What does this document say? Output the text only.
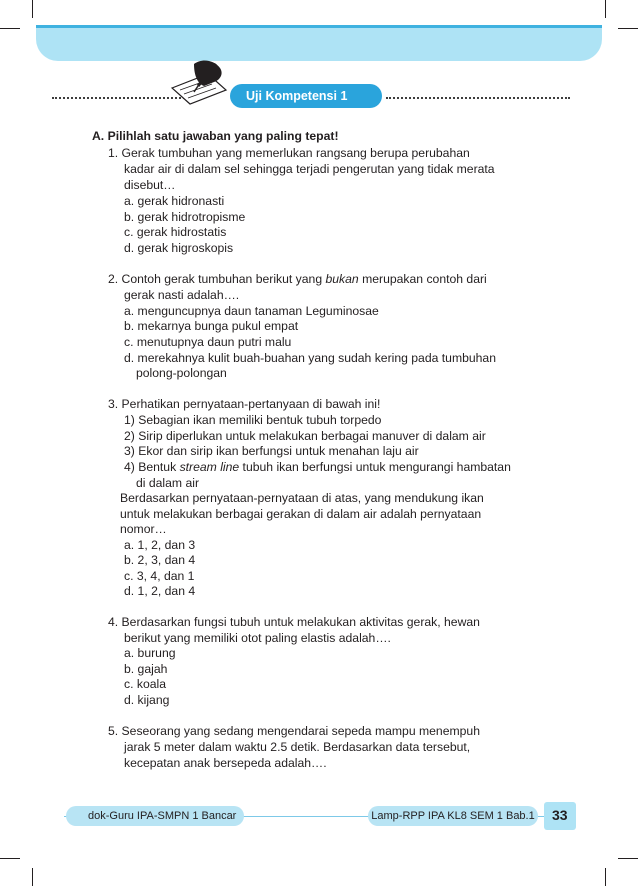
Uji Kompetensi 1
A. Pilihlah satu jawaban yang paling tepat!
1. Gerak tumbuhan yang memerlukan rangsang berupa perubahan
kadar air di dalam sel sehingga terjadi pengerutan yang tidak merata
disebut…
a. gerak hidronasti
b. gerak hidrotropisme
c. gerak hidrostatis
d. gerak higroskopis
2. Contoh gerak tumbuhan berikut yang bukan merupakan contoh dari
gerak nasti adalah….
a. menguncupnya daun tanaman Leguminosae
b. mekarnya bunga pukul empat
c. menutupnya daun putri malu
d. merekahnya kulit buah-buahan yang sudah kering pada tumbuhan
polong-polongan
3. Perhatikan pernyataan-pertanyaan di bawah ini!
1) Sebagian ikan memiliki bentuk tubuh torpedo
2) Sirip diperlukan untuk melakukan berbagai manuver di dalam air
3) Ekor dan sirip ikan berfungsi untuk menahan laju air
4) Bentuk stream line tubuh ikan berfungsi untuk mengurangi hambatan
di dalam air
Berdasarkan pernyataan-pernyataan di atas, yang mendukung ikan
untuk melakukan berbagai gerakan di dalam air adalah pernyataan
nomor…
a. 1, 2, dan 3
b. 2, 3, dan 4
c. 3, 4, dan 1
d. 1, 2, dan 4
4. Berdasarkan fungsi tubuh untuk melakukan aktivitas gerak, hewan
berikut yang memiliki otot paling elastis adalah….
a. burung
b. gajah
c. koala
d. kijang
5. Seseorang yang sedang mengendarai sepeda mampu menempuh
jarak 5 meter dalam waktu 2.5 detik. Berdasarkan data tersebut,
kecepatan anak bersepeda adalah….
dok-Guru IPA-SMPN 1 Bancar	Lamp-RPP IPA KL8 SEM 1 Bab.1 33
